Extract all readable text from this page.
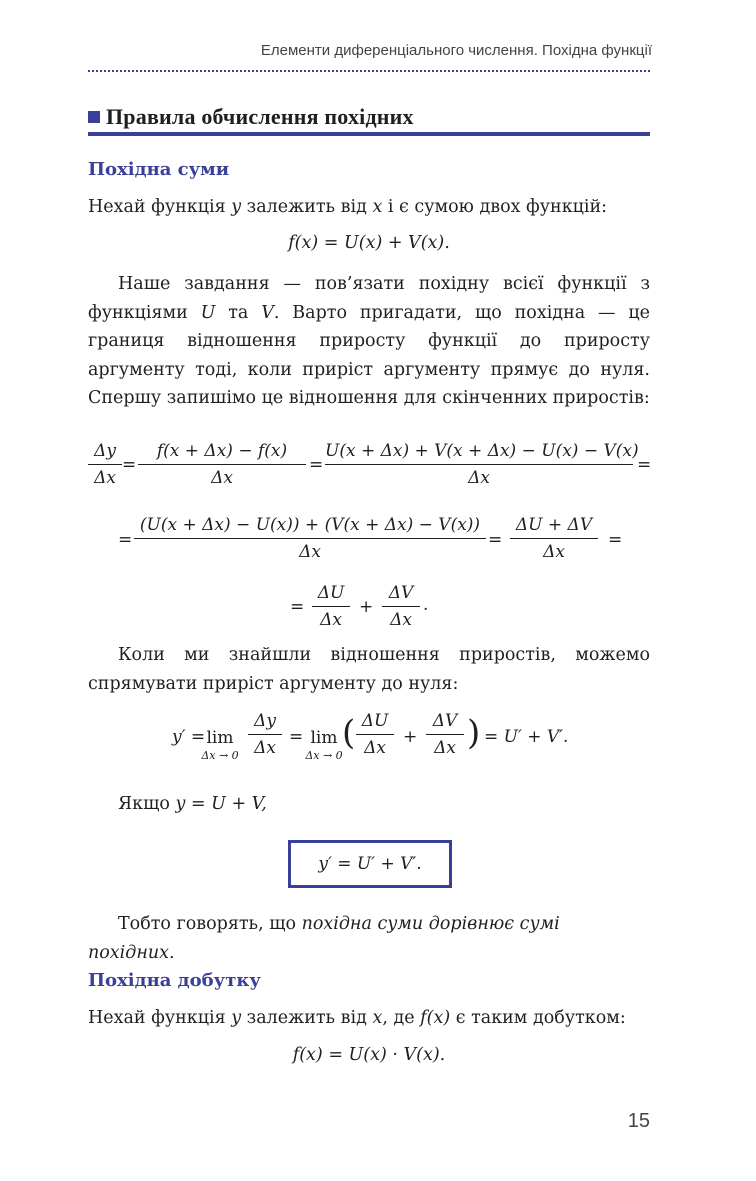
Елементи диференціального числення. Похідна функції
Правила обчислення похідних
Похідна суми

Нехай функція y залежить від x і є сумою двох функцій:

f(x) = U(x) + V(x).

Наше завдання — пов’язати похідну всієї функції з функціями U та V. Варто пригадати, що похідна — це границя відношення приросту функції до приросту аргументу тоді, коли приріст аргументу прямує до нуля. Спершу запишімо це відношення для скінченних приростів:

Δy
Δx
=
f(x + Δx) − f(x)
Δx
=
U(x + Δx) + V(x + Δx) − U(x) − V(x)
Δx
=
=
(U(x + Δx) − U(x)) + (V(x + Δx) − V(x))
Δx
=
ΔU + ΔV
Δx
=
=
ΔU
Δx
+
ΔV
Δx
.

Коли ми знайшли відношення приростів, можемо спрямувати приріст аргументу до нуля:

y′ = lim
Δx → 0
Δy
Δx
= lim
Δx → 0
( ΔU
Δx
+
ΔV
Δx ) = U′ + V′.

Якщо y = U + V,

y′ = U′ + V′.

Тобто говорять, що похідна суми дорівнює сумі похідних.

Похідна добутку

Нехай функція y залежить від x, де f(x) є таким добутком:

f(x) = U(x) · V(x).
15
